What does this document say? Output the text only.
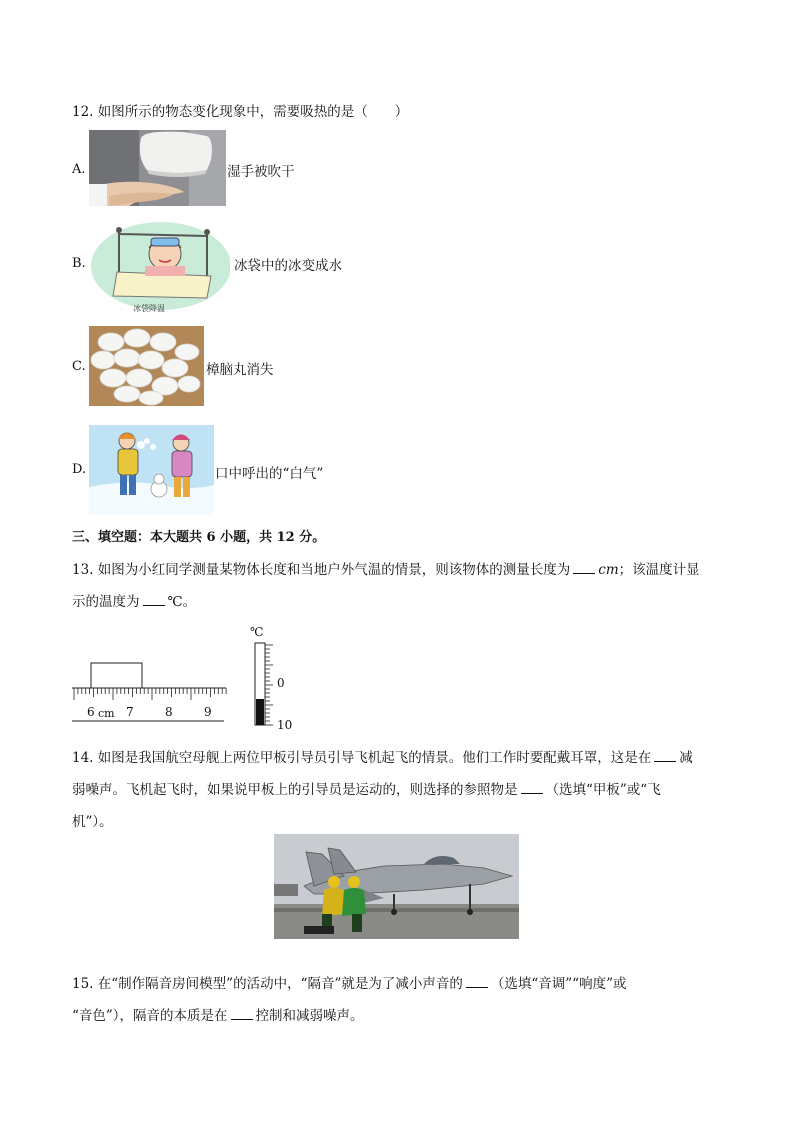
12. 如图所示的物态变化现象中，需要吸热的是（　　）
A.	湿手被吹干
B.
冰袋降温
冰袋中的冰变成水
C.	樟脑丸消失
D.	口中呼出的“白气”
三、填空题：本大题共 6 小题，共 12 分。
13. 如图为小红同学测量某物体长度和当地户外气温的情景，则该物体的测量长度为 cm；该温度计显
示的温度为 ℃。
6 cm 7	8	9
℃
0
10
14. 如图是我国航空母舰上两位甲板引导员引导飞机起飞的情景。他们工作时要配戴耳罩，这是在 减
弱噪声。飞机起飞时，如果说甲板上的引导员是运动的，则选择的参照物是 （选填“甲板”或“飞
机”）。
15. 在“制作隔音房间模型”的活动中，“隔音”就是为了减小声音的 （选填“音调”“响度”或
“音色”），隔音的本质是在 控制和减弱噪声。
